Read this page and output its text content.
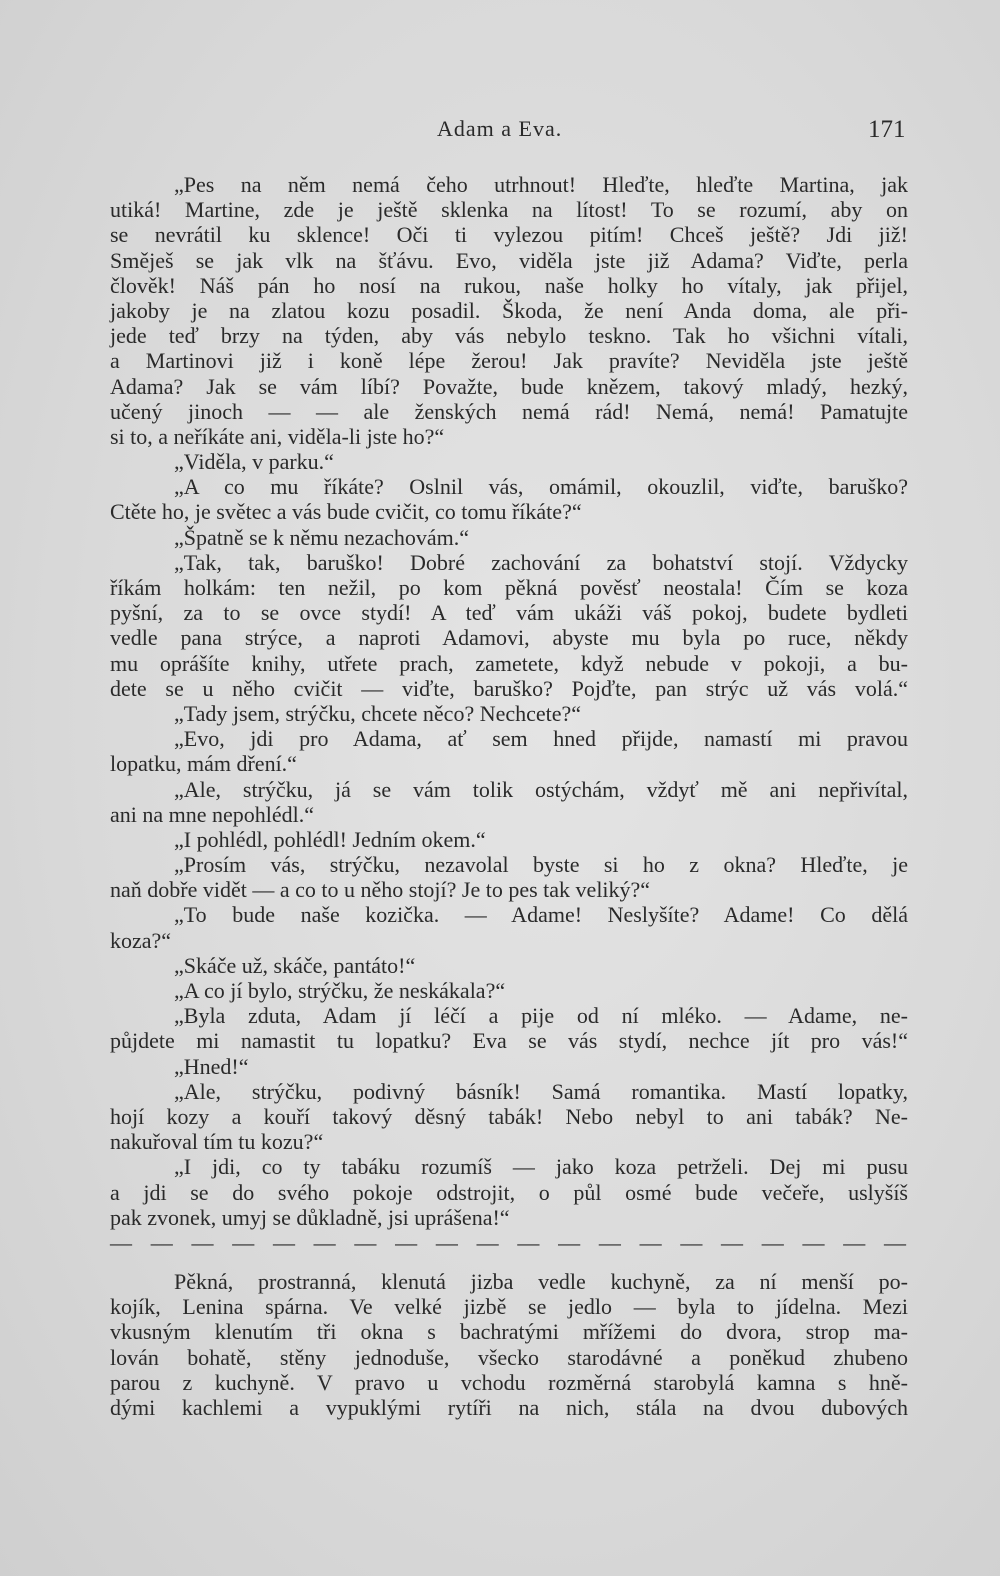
Adam a Eva.	171
„Pes na něm nemá čeho utrhnout! Hleďte, hleďte Martina, jak
utiká! Martine, zde je ještě sklenka na lítost! To se rozumí, aby on
se nevrátil ku sklence! Oči ti vylezou pitím! Chceš ještě? Jdi již!
Směješ se jak vlk na šťávu. Evo, viděla jste již Adama? Viďte, perla
člověk! Náš pán ho nosí na rukou, naše holky ho vítaly, jak přijel,
jakoby je na zlatou kozu posadil. Škoda, že není Anda doma, ale při-
jede teď brzy na týden, aby vás nebylo teskno. Tak ho všichni vítali,
a Martinovi již i koně lépe žerou! Jak pravíte? Neviděla jste ještě
Adama? Jak se vám líbí? Považte, bude knězem, takový mladý, hezký,
učený jinoch — — ale ženských nemá rád! Nemá, nemá! Pamatujte
si to, a neříkáte ani, viděla-li jste ho?“
„Viděla, v parku.“
„A co mu říkáte? Oslnil vás, omámil, okouzlil, viďte, baruško?
Ctěte ho, je světec a vás bude cvičit, co tomu říkáte?“
„Špatně se k němu nezachovám.“
„Tak, tak, baruško! Dobré zachování za bohatství stojí. Vždycky
říkám holkám: ten nežil, po kom pěkná pověsť neostala! Čím se koza
pyšní, za to se ovce stydí! A teď vám ukáži váš pokoj, budete bydleti
vedle pana strýce, a naproti Adamovi, abyste mu byla po ruce, někdy
mu oprášíte knihy, utřete prach, zametete, když nebude v pokoji, a bu-
dete se u něho cvičit — viďte, baruško? Pojďte, pan strýc už vás volá.“
„Tady jsem, strýčku, chcete něco? Nechcete?“
„Evo, jdi pro Adama, ať sem hned přijde, namastí mi pravou
lopatku, mám dření.“
„Ale, strýčku, já se vám tolik ostýchám, vždyť mě ani nepřivítal,
ani na mne nepohlédl.“
„I pohlédl, pohlédl! Jedním okem.“
„Prosím vás, strýčku, nezavolal byste si ho z okna? Hleďte, je
naň dobře vidět — a co to u něho stojí? Je to pes tak veliký?“
„To bude naše kozička. — Adame! Neslyšíte? Adame! Co dělá
koza?“
„Skáče už, skáče, pantáto!“
„A co jí bylo, strýčku, že neskákala?“
„Byla zduta, Adam jí léčí a pije od ní mléko. — Adame, ne-
půjdete mi namastit tu lopatku? Eva se vás stydí, nechce jít pro vás!“
„Hned!“
„Ale, strýčku, podivný básník! Samá romantika. Mastí lopatky,
hojí kozy a kouří takový děsný tabák! Nebo nebyl to ani tabák? Ne-
nakuřoval tím tu kozu?“
„I jdi, co ty tabáku rozumíš — jako koza petrželi. Dej mi pusu
a jdi se do svého pokoje odstrojit, o půl osmé bude večeře, uslyšíš
pak zvonek, umyj se důkladně, jsi uprášena!“
— — — — — — — — — — — — — — — — — — — —
Pěkná, prostranná, klenutá jizba vedle kuchyně, za ní menší po-
kojík, Lenina spárna. Ve velké jizbě se jedlo — byla to jídelna. Mezi
vkusným klenutím tři okna s bachratými mřížemi do dvora, strop ma-
lován bohatě, stěny jednoduše, všecko starodávné a poněkud zhubeno
parou z kuchyně. V pravo u vchodu rozměrná starobylá kamna s hně-
dými kachlemi a vypuklými rytíři na nich, stála na dvou dubových
